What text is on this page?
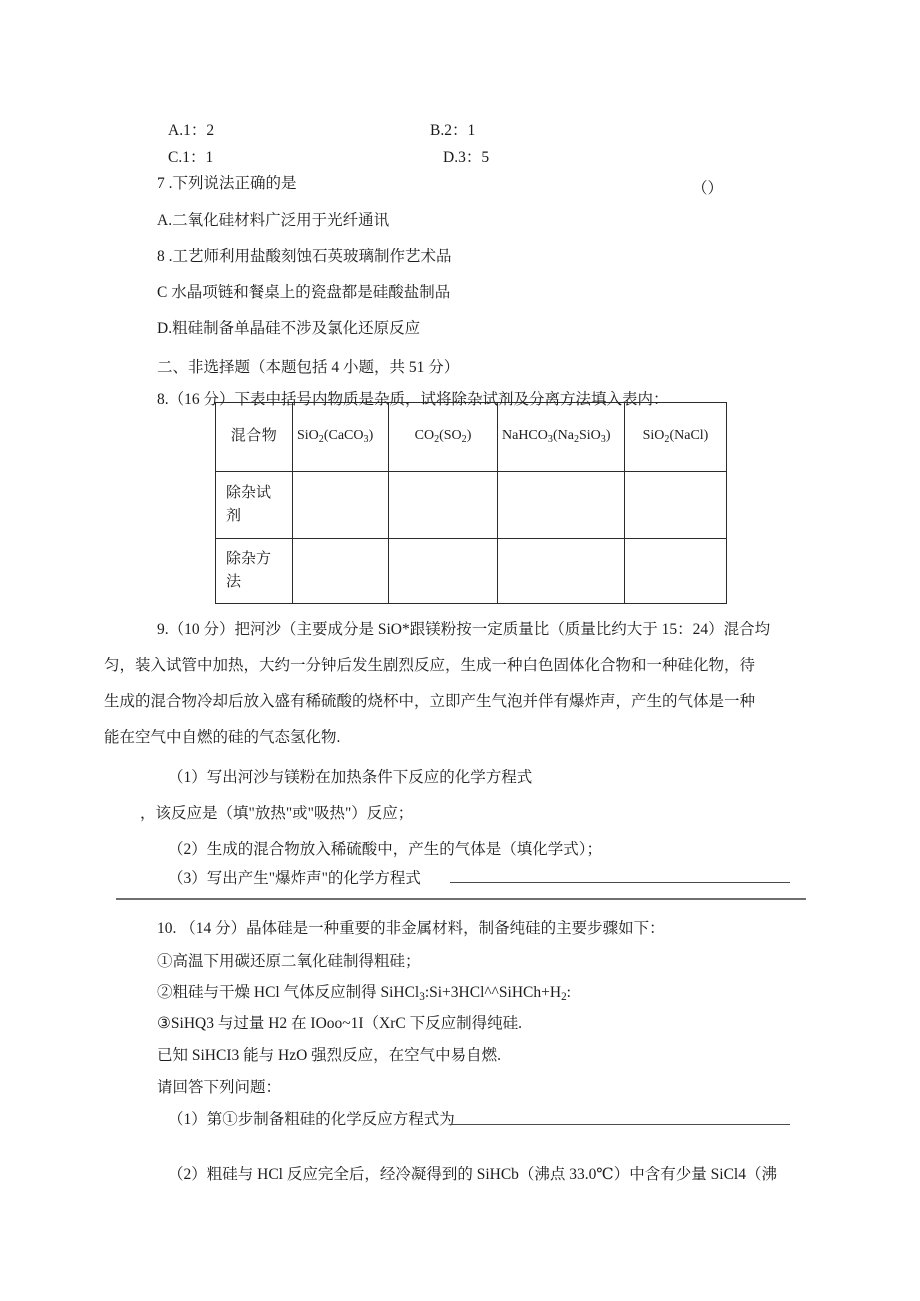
A.1：2	B.2：1
C.1：1	D.3：5
7 .下列说法正确的是	（）
A.二氧化硅材料广泛用于光纤通讯
8 .工艺师利用盐酸刻蚀石英玻璃制作艺术品
C 水晶项链和餐桌上的瓷盘都是硅酸盐制品
D.粗硅制备单晶硅不涉及氯化还原反应
二、非选择题（本题包括 4 小题，共 51 分）
8.（16 分）下表中括号内物质是杂质，试将除杂试剂及分离方法填入表内：
混合物	SiO$_2$(CaCO$_3$)	$CO_2(SO_2)$	$NaHCO_3(Na_2SiO_3)$	SiO$_2$(NaCl)

除杂试
剂				

除杂方
法				

9.（10 分）把河沙（主要成分是 SiO*跟镁粉按一定质量比（质量比约大于 15：24）混合均
匀，装入试管中加热，大约一分钟后发生剧烈反应，生成一种白色固体化合物和一种硅化物，待
生成的混合物冷却后放入盛有稀硫酸的烧杯中，立即产生气泡并伴有爆炸声，产生的气体是一种
能在空气中自燃的硅的气态氢化物.
（1）写出河沙与镁粉在加热条件下反应的化学方程式
，该反应是（填"放热"或"吸热"）反应；
（2）生成的混合物放入稀硫酸中，产生的气体是（填化学式）；
（3）写出产生"爆炸声"的化学方程式
10. （14 分）晶体硅是一种重要的非金属材料，制备纯硅的主要步骤如下：
①高温下用碳还原二氧化硅制得粗硅；
②粗硅与干燥 HCl 气体反应制得 $SiHCl_3:Si+3HCl\^{}\^{}SiHCh+H_2$:
③SiHQ3 与过量 H2 在 IOoo~1I（XrC 下反应制得纯硅.
已知 SiHCI3 能与 HzO 强烈反应，在空气中易自燃.
请回答下列问题：
（1）第①步制备粗硅的化学反应方程式为
（2）粗硅与 HCl 反应完全后，经冷凝得到的 SiHCb（沸点 33.0℃）中含有少量 SiCl4（沸
